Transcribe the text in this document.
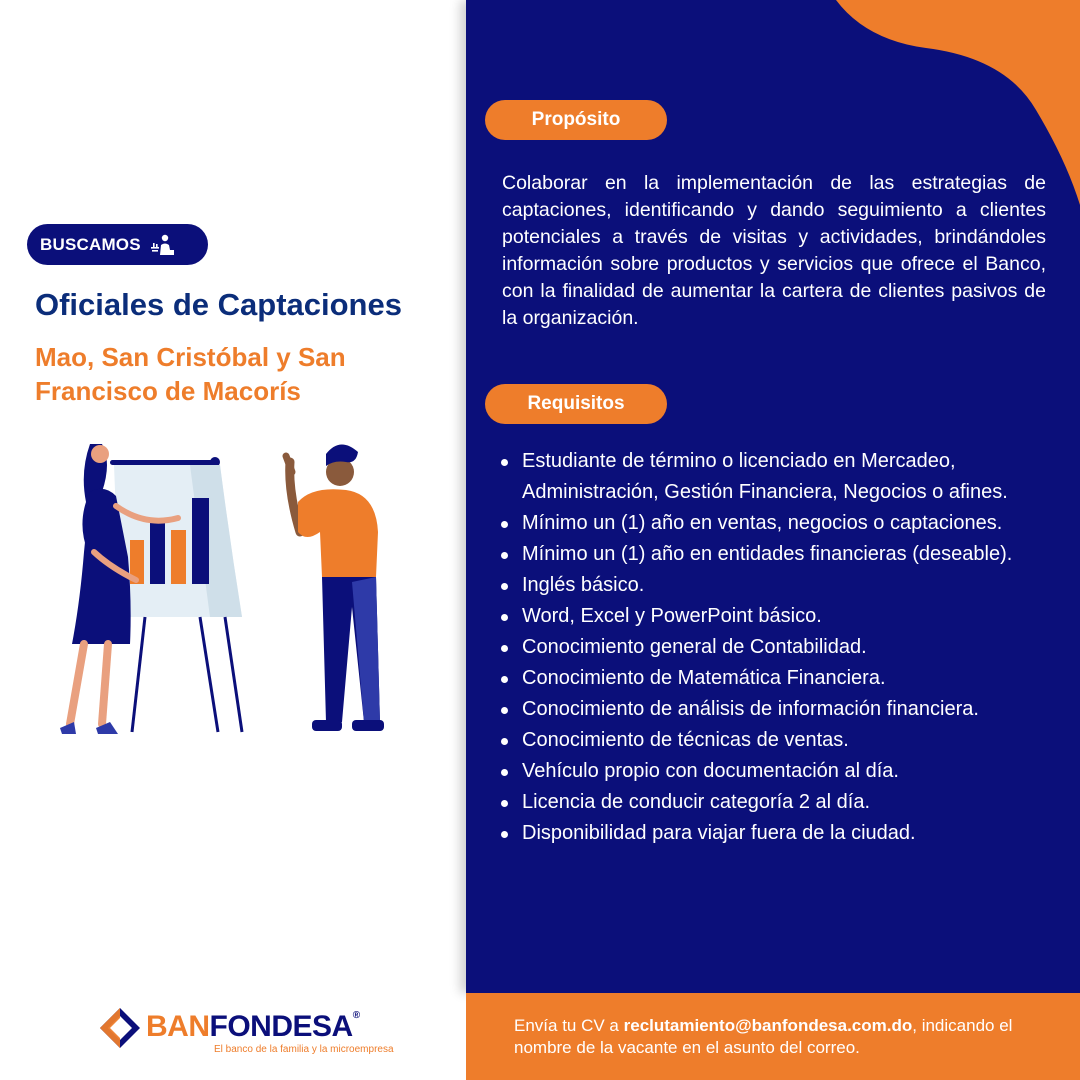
BUSCAMOS
Oficiales de Captaciones
Mao, San Cristóbal y San Francisco de Macorís
BANFONDESA®
El banco de la familia y la microempresa
Propósito

Colaborar en la implementación de las estrategias de captaciones, identificando y dando seguimiento a clientes potenciales a través de visitas y actividades, brindándoles información sobre productos y servicios que ofrece el Banco, con la finalidad de aumentar la cartera de clientes pasivos de la organización.

Requisitos
Estudiante de término o licenciado en Mercadeo, Administración, Gestión Financiera, Negocios o afines.
Mínimo un (1) año en ventas, negocios o captaciones.
Mínimo un (1) año en entidades financieras (deseable).
Inglés básico.
Word, Excel y PowerPoint básico.
Conocimiento general de Contabilidad.
Conocimiento de Matemática Financiera.
Conocimiento de análisis de información financiera.
Conocimiento de técnicas de ventas.
Vehículo propio con documentación al día.
Licencia de conducir categoría 2 al día.
Disponibilidad para viajar fuera de la ciudad.
Envía tu CV a reclutamiento@banfondesa.com.do, indicando el nombre de la vacante en el asunto del correo.
